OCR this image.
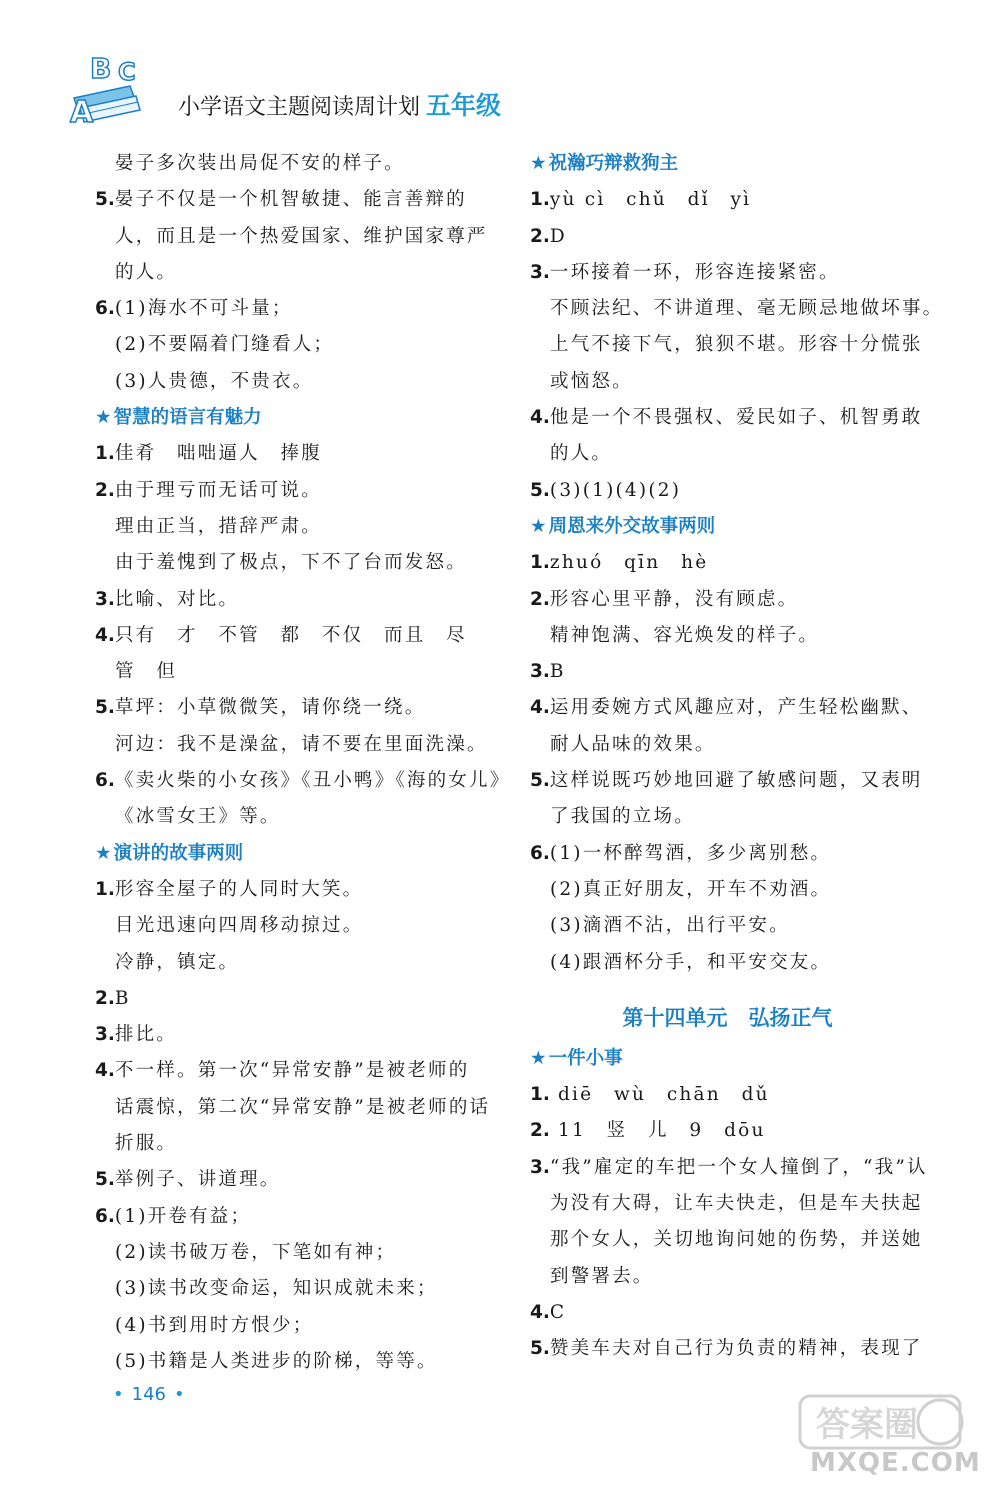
A
B C
小学语文主题阅读周计划 五年级
晏子多次装出局促不安的样子。
5.晏子不仅是一个机智敏捷、能言善辩的
人，而且是一个热爱国家、维护国家尊严
的人。
6.(1)海水不可斗量；
(2)不要隔着门缝看人；
(3)人贵德，不贵衣。
★ 智慧的语言有魅力
1.佳肴　咄咄逼人　捧腹
2.由于理亏而无话可说。
理由正当，措辞严肃。
由于羞愧到了极点，下不了台而发怒。
3.比喻、对比。
4.只有　才　不管　都　不仅　而且　尽
管　但
5.草坪：小草微微笑，请你绕一绕。
河边：我不是澡盆，请不要在里面洗澡。
6.《卖火柴的小女孩》《丑小鸭》《海的女儿》
《冰雪女王》等。
★ 演讲的故事两则
1.形容全屋子的人同时大笑。
目光迅速向四周移动掠过。
冷静，镇定。
2.B
3.排比。
4.不一样。第一次“异常安静”是被老师的
话震惊，第二次“异常安静”是被老师的话
折服。
5.举例子、讲道理。
6.(1)开卷有益；
(2)读书破万卷，下笔如有神；
(3)读书改变命运，知识成就未来；
(4)书到用时方恨少；
(5)书籍是人类进步的阶梯，等等。
★ 祝瀚巧辩救狗主
1.yù cì　chǔ　dǐ　yì
2.D
3.一环接着一环，形容连接紧密。
不顾法纪、不讲道理、毫无顾忌地做坏事。
上气不接下气，狼狈不堪。形容十分慌张
或恼怒。
4.他是一个不畏强权、爱民如子、机智勇敢
的人。
5.(3)(1)(4)(2)
★ 周恩来外交故事两则
1.zhuó　qīn　hè
2.形容心里平静，没有顾虑。
精神饱满、容光焕发的样子。
3.B
4.运用委婉方式风趣应对，产生轻松幽默、
耐人品味的效果。
5.这样说既巧妙地回避了敏感问题，又表明
了我国的立场。
6.(1)一杯醉驾酒，多少离别愁。
(2)真正好朋友，开车不劝酒。
(3)滴酒不沾，出行平安。
(4)跟酒杯分手，和平安交友。
第十四单元　弘扬正气
★ 一件小事
1. diē　wù　chān　dǔ
2. 11　竖　儿　9　dōu
3.“我”雇定的车把一个女人撞倒了，“我”认
为没有大碍，让车夫快走，但是车夫扶起
那个女人，关切地询问她的伤势，并送她
到警署去。
4.C
5.赞美车夫对自己行为负责的精神，表现了
• 146 •
答案圈
MXQE.COM
